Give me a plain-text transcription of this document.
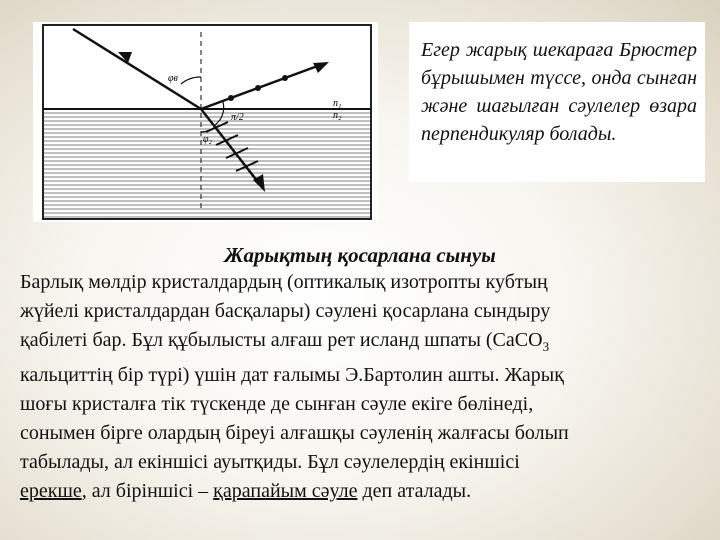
φв
π/2
φ₂
n₁
n₂

Егер жарық шекараға Брюстер бұрышымен түссе, онда сынған және шағылған сәулелер өзара перпендикуляр болады.

Жарықтың қосарлана сынуы

Барлық мөлдір кристалдардың (оптикалық изотропты кубтың
жүйелі кристалдардан басқалары) сәулені қосарлана сындыру
қабілеті бар. Бұл құбылысты алғаш рет исланд шпаты (СаСО$_3$
кальциттің бір түрі) үшін дат ғалымы Э.Бартолин ашты. Жарық
шоғы кристалға тік түскенде де сынған сәуле екіге бөлінеді,
сонымен бірге олардың біреуі алғашқы сәуленің жалғасы болып
табылады, ал екіншісі ауытқиды. Бұл сәулелердің екіншісі
ерекше, ал біріншісі – қарапайым сәуле деп аталады.
